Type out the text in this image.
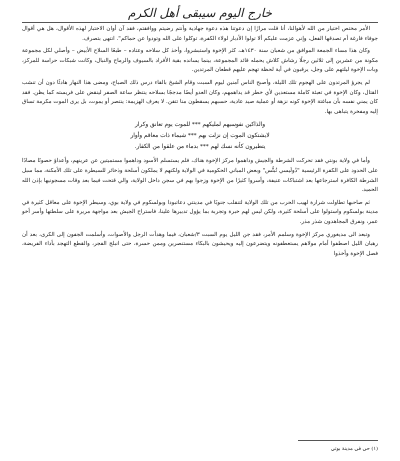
خارج اليوم سيبقى أهل الكرم

الأمر مختص اختيار من الله لأهوالنا، أنا قلت مرارًا إن دعوتنا هذه دعوة جهادية وأنتم رضيتم ووافقتم، فقد آن أوان الاختبار لهذه الأقوال، هل هي أقوال جوفاء فارغة أم تصدقها الفعل، وإني عزمت عليكم ألا تولوا الأدبار لولاء الكفرة، توكلوا على الله وتودوا عن حماكم". انتهى بتصرف.

وكان هذا مساء الجمعة الموافق من شعبان سنة ١٤٣٠هـ، كثر الإخوة واستبشروا، وأخذ كل سلاحه وعتاده – طبعًا السلاح الأبيض – وأصلي لكل مجموعة مكونة من عشرين إلى ثلاثين رجلًا رشاش كلاش يحمله قائد المجموعة، بينما يسانده بقية الأفراد بالسيوف والرماح والنبال، وكانت شبكات حراسة للمركز، وبات الإخوة ليلتهم على وجل، يرقبون في أية لحظة تهجم عليهم قطعان المرتدين.

لم يجرؤ المرتدون على الهجوم تلك الليلة، وأصبح الناس آمنين ليوم السبت وقام الشيخ بالقاء درس ذلك الصباح، ومضى هذا النهار هادئًا دون أن تنشب القتال، وكان الإخوة في تعبئة كاملة مستعدين لأي خطر قد يداهمهم، وكان العدو أيضًا مدججًا بسلاحه ينتظر ساعة الصفر لينقض على فريسته كما يظن. فقد كان يمني نفسه بأن مباغتة الإخوة كونه نزهة أو عملية صيد عادية، حسبهم يسقطون منا تتقن. لا يعرف الهزيمة: ينتصر أو يموت، بل يرى الموت مكرمة تساق إليه ومفخرة يتباهى بها.

والذاكين نفوسيهم لمليكهم *** للموت يوم تعانق وكرار
لايشتكون الموت إن نزلت بهم *** شيماء ذات معاقم وأوار
يتطيرون كأنه نسك لهم *** بدماء من علقوا من الكفار.

وأما في ولاية بونتي فقد تحركت الشرطة والجيش وداهموا مركز الإخوة هناك، فلم يستسلم الأسود وداهموا مستميتين عن عرينهم، وأعداؤ حصونًا مصادًا على الحدود على الكفرة الرئيسية "دُولَيسي تُبتُّس" وبعض المباني الحكومية في الولاية ولكنهم لا يملكون أسلحة وذخائر للسيطرة على تلك الأمكنة، مما سبل الشرطة الكافرة استرجاعها بعد اشتباكات عنيفة، وأسروا كثيرًا من الإخوة وزجوا بهم في سجن داخل الولاية، والي قتحت فيما بعد وقات مسجونيها بإذن الله الحميد.

ثم صاحبها تطاولت شرارة لهيب الحرب من تلك الولاية لتنقلب جنوبًا في مدينتي دعاتبودا وبولسكوم في ولاية بوي، وسيطر الإخوة على معاقل كثيرة في مدينة بولسكوم واستولوا على أسلحة كثيرة، ولكن ليس لهم خبرة وتجربة بما يؤول تدبيرها علينا، فاستراح الجيش بعد مواجهة مريرة على سلطتها وأسر أخو عمر، ونفرق المجاهدون شذر مذر.

وتبعد الى مديغوري مركز الإخوة وسلمم الأمر، فقد جن الليل يوم السبت ٣/شعبان، فيما وهدأت الرجل والأصوات، وأسلمت الجفون إلى الكرى، بعد أن رهبان الليل اصطفوا أمام مولاهم يستعطفونه ويتضرعون إليه ويحيشون بالبكاء مستنصرين وممن حسرة، حتى انبلج الفجر، والقطع التهجد بأداء الفريضة، فصل الإخوة وأخذوا

(١) حي في مدينة بوتي
